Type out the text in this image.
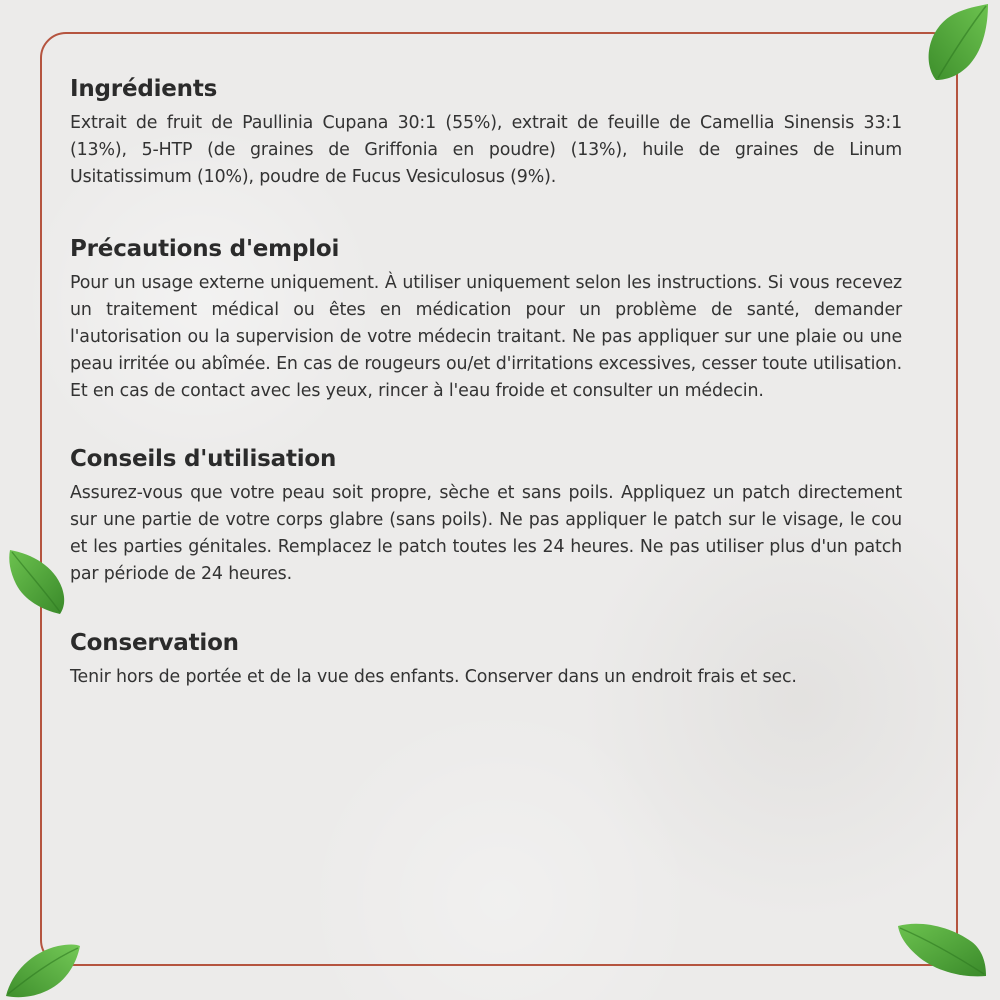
Ingrédients

Extrait de fruit de Paullinia Cupana 30:1 (55%), extrait de feuille de Camellia Sinensis 33:1 (13%), 5-HTP (de graines de Griffonia en poudre) (13%), huile de graines de Linum Usitatissimum (10%), poudre de Fucus Vesiculosus (9%).

Précautions d'emploi

Pour un usage externe uniquement. À utiliser uniquement selon les instructions. Si vous recevez un traitement médical ou êtes en médication pour un problème de santé, demander l'autorisation ou la supervision de votre médecin traitant. Ne pas appliquer sur une plaie ou une peau irritée ou abîmée. En cas de rougeurs ou/et d'irritations excessives, cesser toute utilisation. Et en cas de contact avec les yeux, rincer à l'eau froide et consulter un médecin.

Conseils d'utilisation

Assurez-vous que votre peau soit propre, sèche et sans poils. Appliquez un patch directement sur une partie de votre corps glabre (sans poils). Ne pas appliquer le patch sur le visage, le cou et les parties génitales. Remplacez le patch toutes les 24 heures. Ne pas utiliser plus d'un patch par période de 24 heures.

Conservation

Tenir hors de portée et de la vue des enfants. Conserver dans un endroit frais et sec.
